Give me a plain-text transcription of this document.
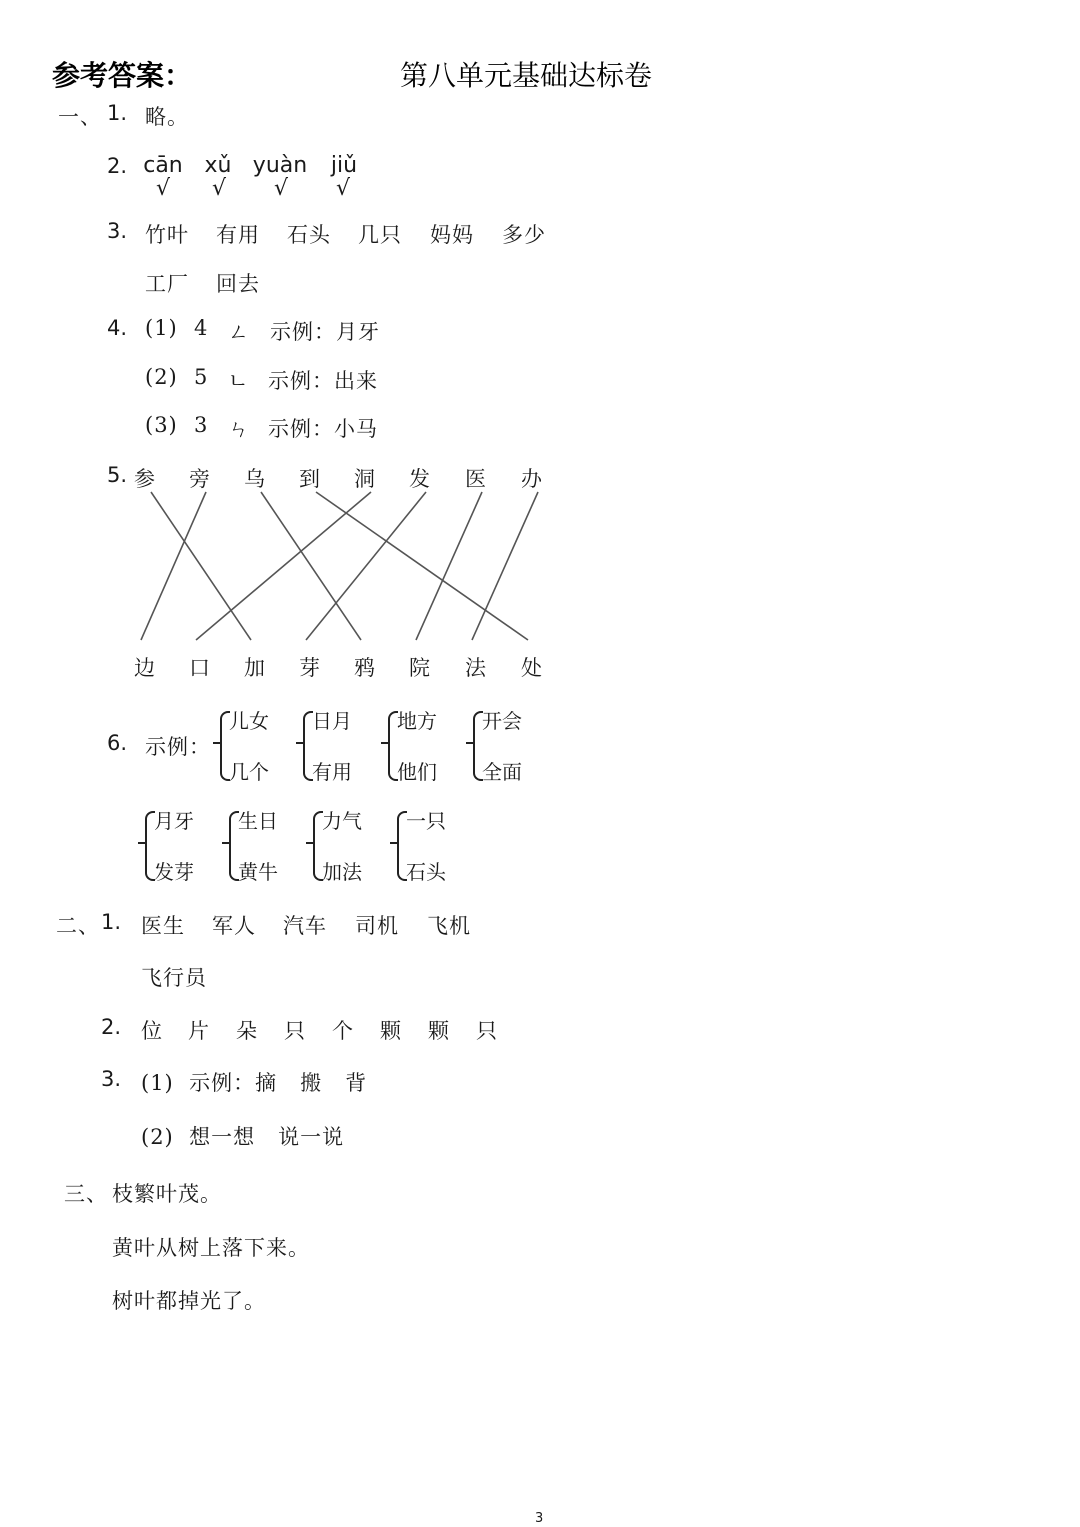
参考答案：	第八单元基础达标卷
一、 1. 略。
2. cān xǔ yuàn jiǔ
√ √ √ √
3. 竹叶 有用 石头 几只 妈妈 多少
工厂 回去
4. (1) 4 ㄥ 示例：月牙
(2) 5 ㄴ 示例：出来
(3) 3 ㄣ 示例：小马
5. 参 旁 乌 到 洞 发 医 办
边 口 加 芽 鸦 院 法 处
6. 示例：
儿女
几个
日月
有用
地方
他们
开会
全面
月牙
发芽
生日
黄牛
力气
加法
一只
石头
二、 1. 医生 军人 汽车 司机 飞机
飞行员
2. 位 片 朵 只 个 颗 颗 只
3. (1)  示例：摘   搬   背
(2)  想一想   说一说
三、 枝繁叶茂。
黄叶从树上落下来。
树叶都掉光了。
3
